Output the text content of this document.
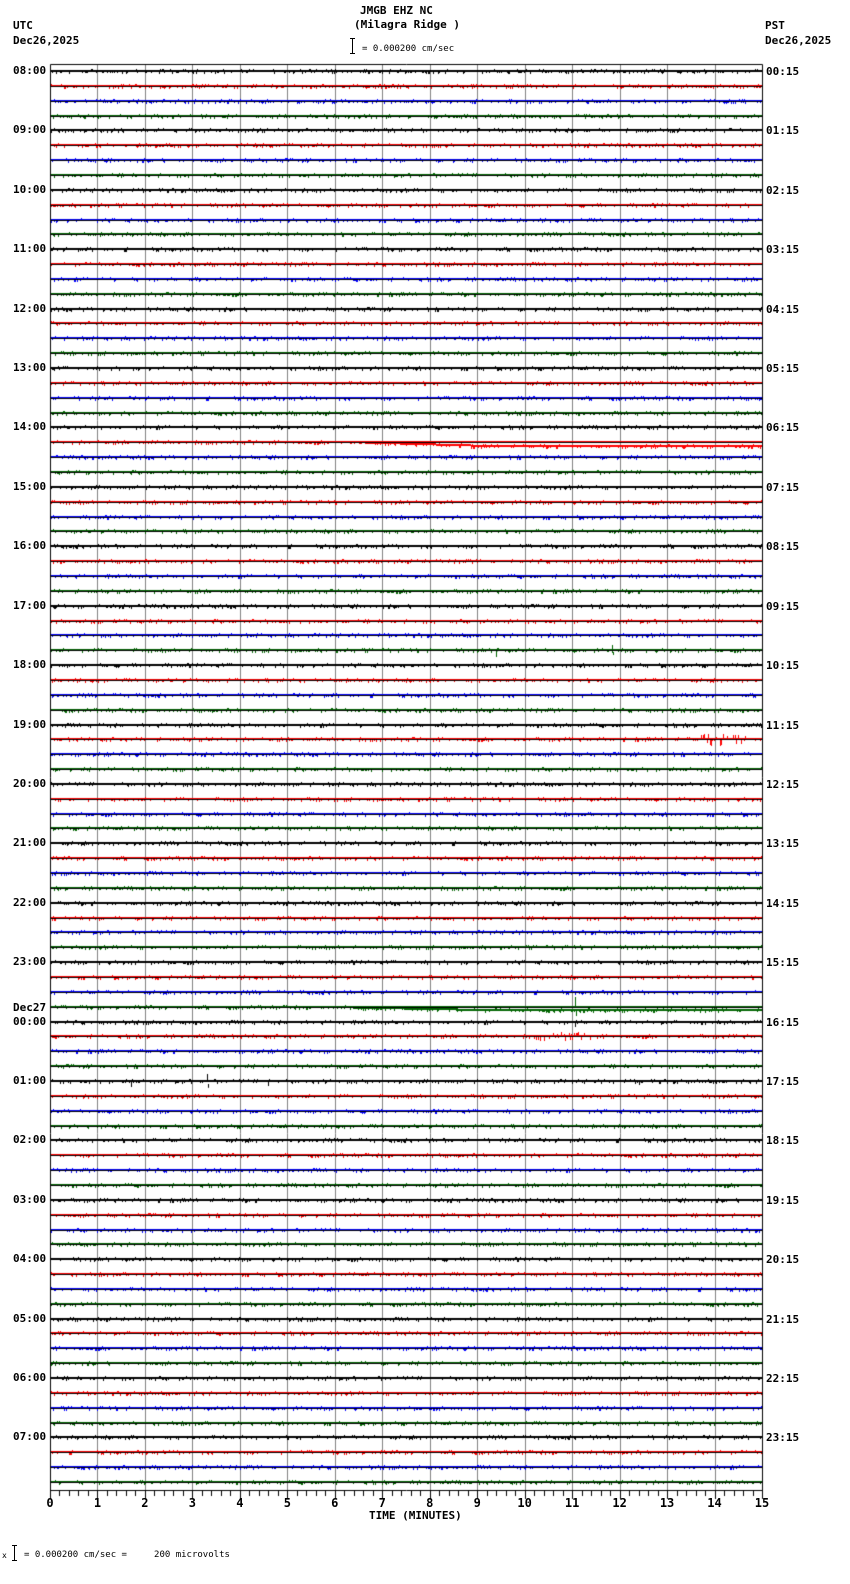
JMGB EHZ NC
(Milagra Ridge )
= 0.000200 cm/sec
UTC
Dec26,2025
PST
Dec26,2025
08:00
09:00
10:00
11:00
12:00
13:00
14:00
15:00
16:00
17:00
18:00
19:00
20:00
21:00
22:00
23:00
00:00
Dec27
01:00
02:00
03:00
04:00
05:00
06:00
07:00
00:15
01:15
02:15
03:15
04:15
05:15
06:15
07:15
08:15
09:15
10:15
11:15
12:15
13:15
14:15
15:15
16:15
17:15
18:15
19:15
20:15
21:15
22:15
23:15
0	1	2	3	4	5	6	7	8	9	10	11	12	13	14	15
TIME (MINUTES)
x = 0.000200 cm/sec =     200 microvolts
